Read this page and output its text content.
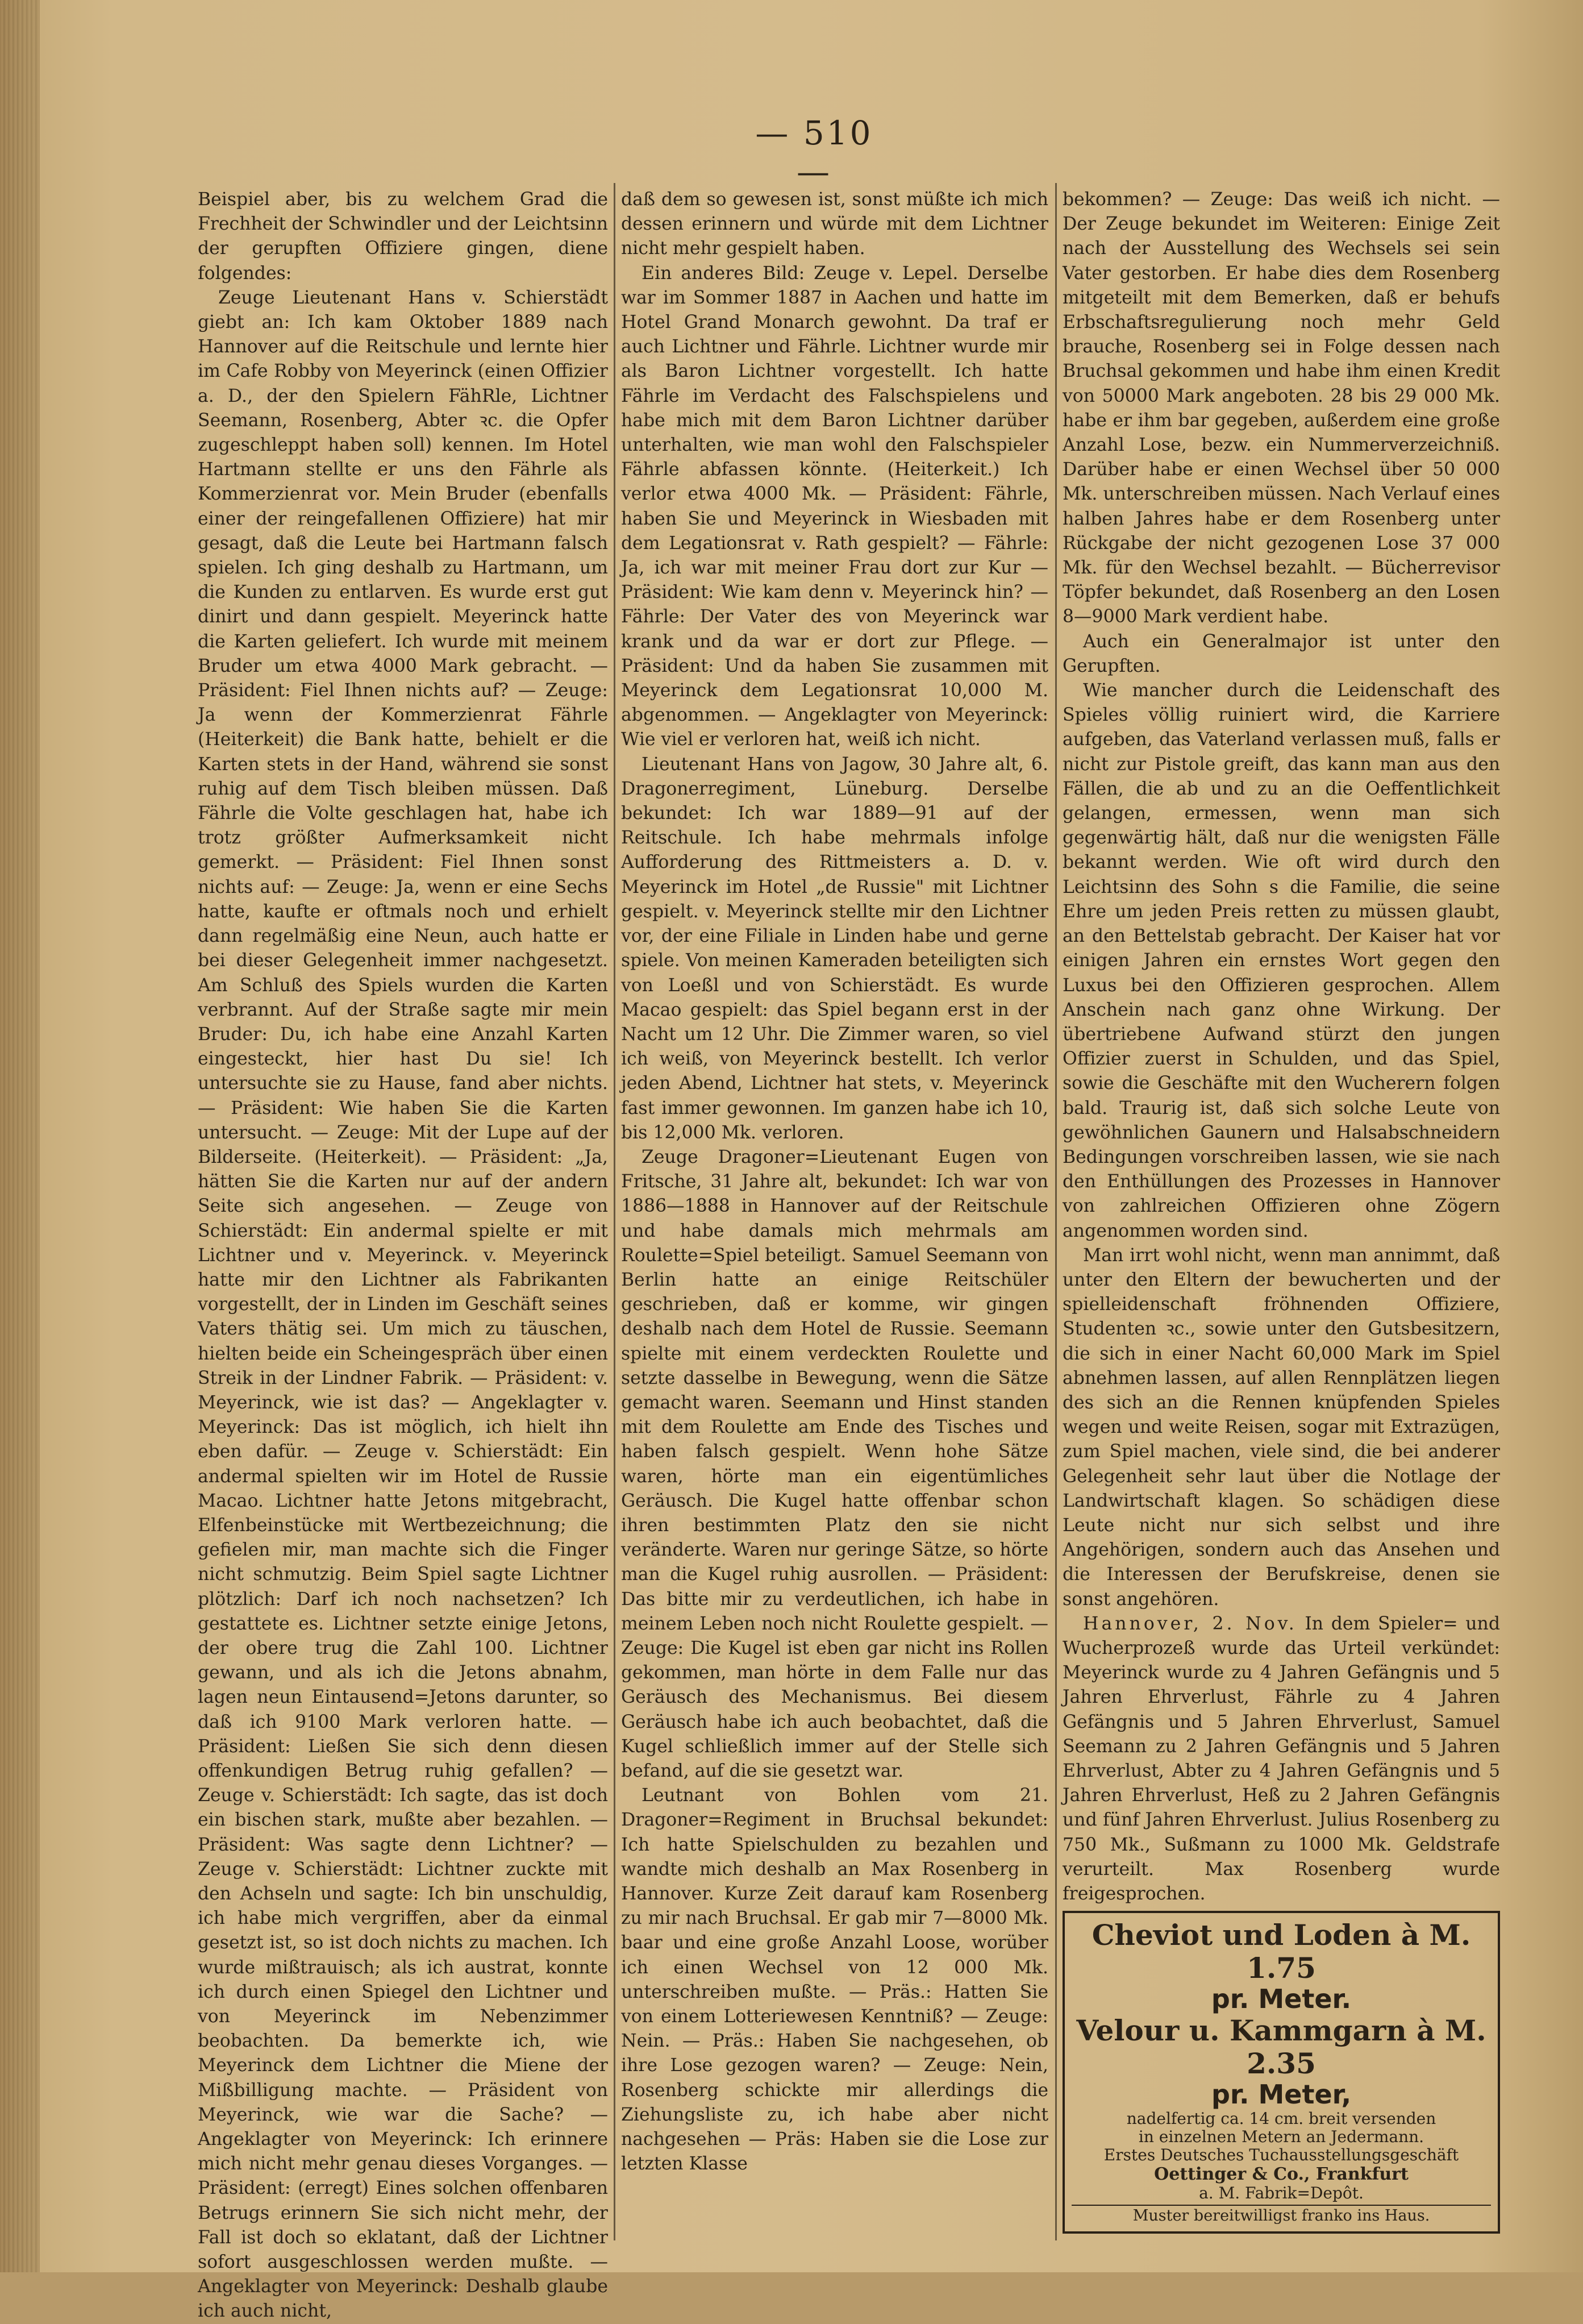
— 510 —

Beispiel aber, bis zu welchem Grad die Frechheit der Schwindler und der Leichtsinn der gerupften Offiziere gingen, diene folgendes:

Zeuge Lieutenant Hans v. Schierstädt giebt an: Ich kam Oktober 1889 nach Hannover auf die Reitschule und lernte hier im Cafe Robby von Meyerinck (einen Offizier a. D., der den Spielern FähRle, Lichtner Seemann, Rosenberg, Abter ꝛc. die Opfer zugeschleppt haben soll) kennen. Im Hotel Hartmann stellte er uns den Fährle als Kommerzienrat vor. Mein Bruder (ebenfalls einer der reingefallenen Offiziere) hat mir gesagt, daß die Leute bei Hartmann falsch spielen. Ich ging deshalb zu Hartmann, um die Kunden zu entlarven. Es wurde erst gut dinirt und dann gespielt. Meyerinck hatte die Karten geliefert. Ich wurde mit meinem Bruder um etwa 4000 Mark gebracht. — Präsident: Fiel Ihnen nichts auf? — Zeuge: Ja wenn der Kommerzienrat Fährle (Heiterkeit) die Bank hatte, behielt er die Karten stets in der Hand, während sie sonst ruhig auf dem Tisch bleiben müssen. Daß Fährle die Volte geschlagen hat, habe ich trotz größter Aufmerksamkeit nicht gemerkt. — Präsident: Fiel Ihnen sonst nichts auf: — Zeuge: Ja, wenn er eine Sechs hatte, kaufte er oftmals noch und erhielt dann regelmäßig eine Neun, auch hatte er bei dieser Gelegenheit immer nachgesetzt. Am Schluß des Spiels wurden die Karten verbrannt. Auf der Straße sagte mir mein Bruder: Du, ich habe eine Anzahl Karten eingesteckt, hier hast Du sie! Ich untersuchte sie zu Hause, fand aber nichts. — Präsident: Wie haben Sie die Karten untersucht. — Zeuge: Mit der Lupe auf der Bilderseite. (Heiterkeit). — Präsident: „Ja, hätten Sie die Karten nur auf der andern Seite sich angesehen. — Zeuge von Schierstädt: Ein andermal spielte er mit Lichtner und v. Meyerinck. v. Meyerinck hatte mir den Lichtner als Fabrikanten vorgestellt, der in Linden im Geschäft seines Vaters thätig sei. Um mich zu täuschen, hielten beide ein Scheingespräch über einen Streik in der Lindner Fabrik. — Präsident: v. Meyerinck, wie ist das? — Angeklagter v. Meyerinck: Das ist möglich, ich hielt ihn eben dafür. — Zeuge v. Schierstädt: Ein andermal spielten wir im Hotel de Russie Macao. Lichtner hatte Jetons mitgebracht, Elfenbeinstücke mit Wertbezeichnung; die gefielen mir, man machte sich die Finger nicht schmutzig. Beim Spiel sagte Lichtner plötzlich: Darf ich noch nachsetzen? Ich gestattete es. Lichtner setzte einige Jetons, der obere trug die Zahl 100. Lichtner gewann, und als ich die Jetons abnahm, lagen neun Eintausend=Jetons darunter, so daß ich 9100 Mark verloren hatte. — Präsident: Ließen Sie sich denn diesen offenkundigen Betrug ruhig gefallen? — Zeuge v. Schierstädt: Ich sagte, das ist doch ein bischen stark, mußte aber bezahlen. — Präsident: Was sagte denn Lichtner? — Zeuge v. Schierstädt: Lichtner zuckte mit den Achseln und sagte: Ich bin unschuldig, ich habe mich vergriffen, aber da einmal gesetzt ist, so ist doch nichts zu machen. Ich wurde mißtrauisch; als ich austrat, konnte ich durch einen Spiegel den Lichtner und von Meyerinck im Nebenzimmer beobachten. Da bemerkte ich, wie Meyerinck dem Lichtner die Miene der Mißbilligung machte. — Präsident von Meyerinck, wie war die Sache? — Angeklagter von Meyerinck: Ich erinnere mich nicht mehr genau dieses Vorganges. — Präsident: (erregt) Eines solchen offenbaren Betrugs erinnern Sie sich nicht mehr, der Fall ist doch so eklatant, daß der Lichtner sofort ausgeschlossen werden mußte. — Angeklagter von Meyerinck: Deshalb glaube ich auch nicht,

daß dem so gewesen ist, sonst müßte ich mich dessen erinnern und würde mit dem Lichtner nicht mehr gespielt haben.

Ein anderes Bild: Zeuge v. Lepel. Derselbe war im Sommer 1887 in Aachen und hatte im Hotel Grand Monarch gewohnt. Da traf er auch Lichtner und Fährle. Lichtner wurde mir als Baron Lichtner vorgestellt. Ich hatte Fährle im Verdacht des Falschspielens und habe mich mit dem Baron Lichtner darüber unterhalten, wie man wohl den Falschspieler Fährle abfassen könnte. (Heiterkeit.) Ich verlor etwa 4000 Mk. — Präsident: Fährle, haben Sie und Meyerinck in Wiesbaden mit dem Legationsrat v. Rath gespielt? — Fährle: Ja, ich war mit meiner Frau dort zur Kur — Präsident: Wie kam denn v. Meyerinck hin? — Fährle: Der Vater des von Meyerinck war krank und da war er dort zur Pflege. — Präsident: Und da haben Sie zusammen mit Meyerinck dem Legationsrat 10,000 M. abgenommen. — Angeklagter von Meyerinck: Wie viel er verloren hat, weiß ich nicht.

Lieutenant Hans von Jagow, 30 Jahre alt, 6. Dragonerregiment, Lüneburg. Derselbe bekundet: Ich war 1889—91 auf der Reitschule. Ich habe mehrmals infolge Aufforderung des Rittmeisters a. D. v. Meyerinck im Hotel „de Russie" mit Lichtner gespielt. v. Meyerinck stellte mir den Lichtner vor, der eine Filiale in Linden habe und gerne spiele. Von meinen Kameraden beteiligten sich von Loeßl und von Schierstädt. Es wurde Macao gespielt: das Spiel begann erst in der Nacht um 12 Uhr. Die Zimmer waren, so viel ich weiß, von Meyerinck bestellt. Ich verlor jeden Abend, Lichtner hat stets, v. Meyerinck fast immer gewonnen. Im ganzen habe ich 10, bis 12,000 Mk. verloren.

Zeuge Dragoner=Lieutenant Eugen von Fritsche, 31 Jahre alt, bekundet: Ich war von 1886—1888 in Hannover auf der Reitschule und habe damals mich mehrmals am Roulette=Spiel beteiligt. Samuel Seemann von Berlin hatte an einige Reitschüler geschrieben, daß er komme, wir gingen deshalb nach dem Hotel de Russie. Seemann spielte mit einem verdeckten Roulette und setzte dasselbe in Bewegung, wenn die Sätze gemacht waren. Seemann und Hinst standen mit dem Roulette am Ende des Tisches und haben falsch gespielt. Wenn hohe Sätze waren, hörte man ein eigentümliches Geräusch. Die Kugel hatte offenbar schon ihren bestimmten Platz den sie nicht veränderte. Waren nur geringe Sätze, so hörte man die Kugel ruhig ausrollen. — Präsident: Das bitte mir zu verdeutlichen, ich habe in meinem Leben noch nicht Roulette gespielt. — Zeuge: Die Kugel ist eben gar nicht ins Rollen gekommen, man hörte in dem Falle nur das Geräusch des Mechanismus. Bei diesem Geräusch habe ich auch beobachtet, daß die Kugel schließlich immer auf der Stelle sich befand, auf die sie gesetzt war.

Leutnant von Bohlen vom 21. Dragoner=Regiment in Bruchsal bekundet: Ich hatte Spielschulden zu bezahlen und wandte mich deshalb an Max Rosenberg in Hannover. Kurze Zeit darauf kam Rosenberg zu mir nach Bruchsal. Er gab mir 7—8000 Mk. baar und eine große Anzahl Loose, worüber ich einen Wechsel von 12 000 Mk. unterschreiben mußte. — Präs.: Hatten Sie von einem Lotteriewesen Kenntniß? — Zeuge: Nein. — Präs.: Haben Sie nachgesehen, ob ihre Lose gezogen waren? — Zeuge: Nein, Rosenberg schickte mir allerdings die Ziehungsliste zu, ich habe aber nicht nachgesehen — Präs: Haben sie die Lose zur letzten Klasse

bekommen? — Zeuge: Das weiß ich nicht. — Der Zeuge bekundet im Weiteren: Einige Zeit nach der Ausstellung des Wechsels sei sein Vater gestorben. Er habe dies dem Rosenberg mitgeteilt mit dem Bemerken, daß er behufs Erbschaftsregulierung noch mehr Geld brauche, Rosenberg sei in Folge dessen nach Bruchsal gekommen und habe ihm einen Kredit von 50000 Mark angeboten. 28 bis 29 000 Mk. habe er ihm bar gegeben, außerdem eine große Anzahl Lose, bezw. ein Nummerverzeichniß. Darüber habe er einen Wechsel über 50 000 Mk. unterschreiben müssen. Nach Verlauf eines halben Jahres habe er dem Rosenberg unter Rückgabe der nicht gezogenen Lose 37 000 Mk. für den Wechsel bezahlt. — Bücherrevisor Töpfer bekundet, daß Rosenberg an den Losen 8—9000 Mark verdient habe.

Auch ein Generalmajor ist unter den Gerupften.

Wie mancher durch die Leidenschaft des Spieles völlig ruiniert wird, die Karriere aufgeben, das Vaterland verlassen muß, falls er nicht zur Pistole greift, das kann man aus den Fällen, die ab und zu an die Oeffentlichkeit gelangen, ermessen, wenn man sich gegenwärtig hält, daß nur die wenigsten Fälle bekannt werden. Wie oft wird durch den Leichtsinn des Sohn s die Familie, die seine Ehre um jeden Preis retten zu müssen glaubt, an den Bettelstab gebracht. Der Kaiser hat vor einigen Jahren ein ernstes Wort gegen den Luxus bei den Offizieren gesprochen. Allem Anschein nach ganz ohne Wirkung. Der übertriebene Aufwand stürzt den jungen Offizier zuerst in Schulden, und das Spiel, sowie die Geschäfte mit den Wucherern folgen bald. Traurig ist, daß sich solche Leute von gewöhnlichen Gaunern und Halsabschneidern Bedingungen vorschreiben lassen, wie sie nach den Enthüllungen des Prozesses in Hannover von zahlreichen Offizieren ohne Zögern angenommen worden sind.

Man irrt wohl nicht, wenn man annimmt, daß unter den Eltern der bewucherten und der spielleidenschaft fröhnenden Offiziere, Studenten ꝛc., sowie unter den Gutsbesitzern, die sich in einer Nacht 60,000 Mark im Spiel abnehmen lassen, auf allen Rennplätzen liegen des sich an die Rennen knüpfenden Spieles wegen und weite Reisen, sogar mit Extrazügen, zum Spiel machen, viele sind, die bei anderer Gelegenheit sehr laut über die Notlage der Landwirtschaft klagen. So schädigen diese Leute nicht nur sich selbst und ihre Angehörigen, sondern auch das Ansehen und die Interessen der Berufskreise, denen sie sonst angehören.

Hannover, 2. Nov. In dem Spieler= und Wucherprozeß wurde das Urteil verkündet: Meyerinck wurde zu 4 Jahren Gefängnis und 5 Jahren Ehrverlust, Fährle zu 4 Jahren Gefängnis und 5 Jahren Ehrverlust, Samuel Seemann zu 2 Jahren Gefängnis und 5 Jahren Ehrverlust, Abter zu 4 Jahren Gefängnis und 5 Jahren Ehrverlust, Heß zu 2 Jahren Gefängnis und fünf Jahren Ehrverlust. Julius Rosenberg zu 750 Mk., Sußmann zu 1000 Mk. Geldstrafe verurteilt. Max Rosenberg wurde freigesprochen.

Cheviot und Loden à M. 1.75
pr. Meter.
Velour u. Kammgarn à M. 2.35
pr. Meter,
nadelfertig ca. 14 cm. breit versenden
in einzelnen Metern an Jedermann.
Erstes Deutsches Tuchausstellungsgeschäft
Oettinger & Co., Frankfurt
a. M. Fabrik=Depôt.
Muster bereitwilligst franko ins Haus.
